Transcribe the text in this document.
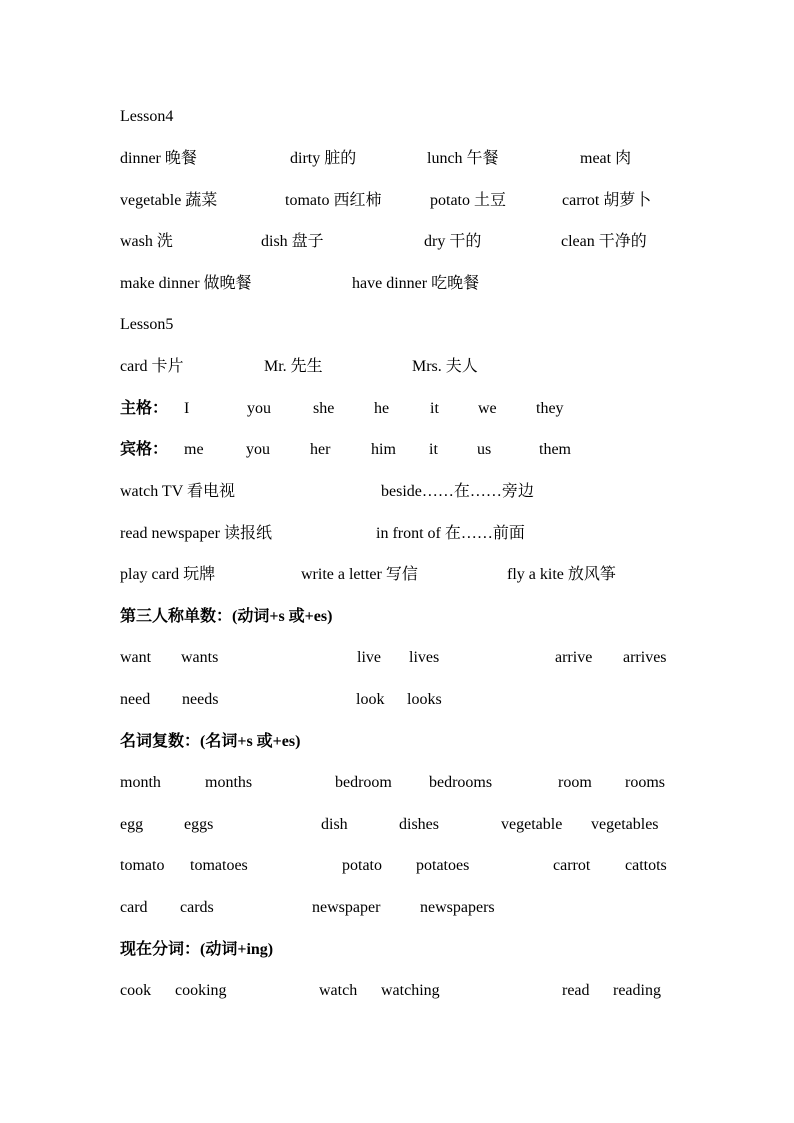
Lesson4
dinner 晚餐	dirty 脏的	lunch 午餐	meat 肉
vegetable 蔬菜	tomato 西红柿	potato 土豆	carrot 胡萝卜
wash 洗	dish 盘子	dry 干的	clean 干净的
make dinner 做晚餐	have dinner 吃晚餐
Lesson5
card 卡片	Mr. 先生	Mrs. 夫人
主格： I	you	she he	it we they
宾格： me	you	her	him it us	them
watch TV 看电视	beside……在……旁边
read newspaper 读报纸	in front of 在……前面
play card 玩牌	write a letter 写信	fly a kite 放风筝
第三人称单数：(动词+s 或+es)
want wants	live lives	arrive arrives
need needs	look looks
名词复数：(名词+s 或+es)
month	months	bedroom bedrooms	room rooms
egg	eggs	dish	dishes	vegetable vegetables
tomato tomatoes	potato potatoes	carrot cattots
card cards	newspaper newspapers
现在分词：(动词+ing)
cook cooking	watch watching	read reading
